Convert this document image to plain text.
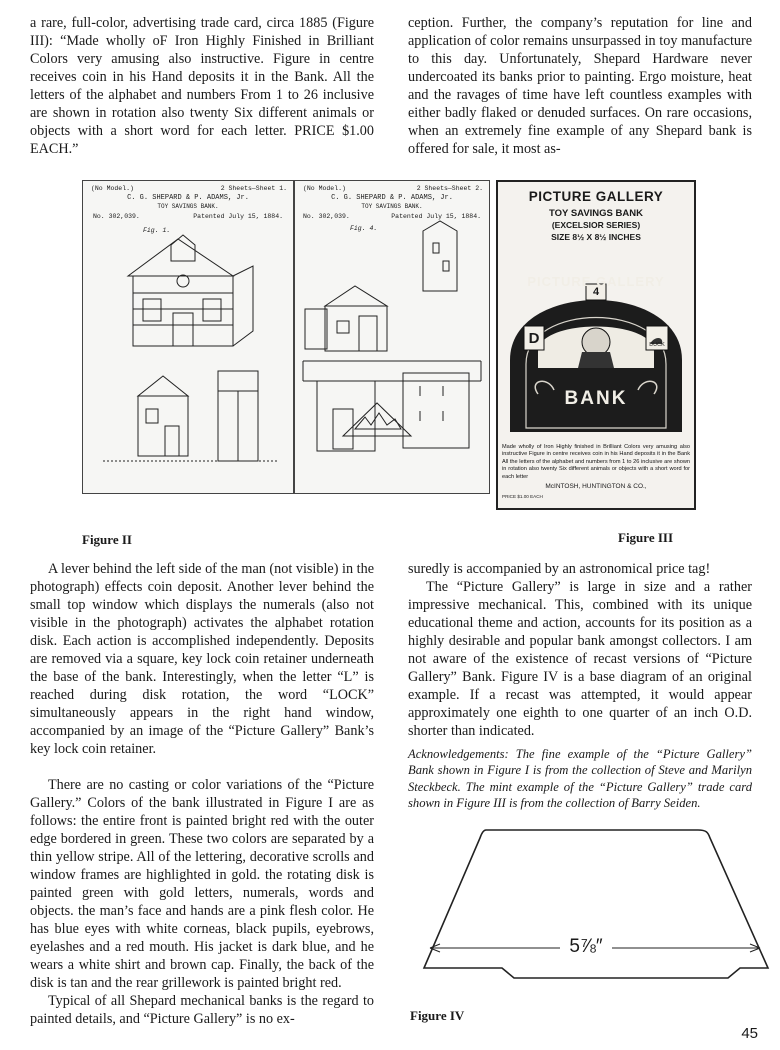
a rare, full-color, advertising trade card, circa 1885 (Figure III): “Made wholly oF Iron Highly Finished in Brilliant Colors very amusing also instructive. Figure in centre receives coin in his Hand deposits it in the Bank. All the letters of the alphabet and numbers From 1 to 26 inclusive are shown in rotation also twenty Six different animals or objects with a short word for each letter. PRICE $1.00 EACH.”

ception. Further, the company’s reputation for line and application of color remains unsurpassed in toy manufacture to this day. Unfortunately, Shepard Hardware never undercoated its banks prior to painting. Ergo moisture, heat and the ravages of time have left countless examples with either badly flaked or denuded surfaces. On rare occasions, when an extremely fine example of any Shepard bank is offered for sale, it most as-

(No Model.)	2 Sheets—Sheet 1.
C. G. SHEPARD & P. ADAMS, Jr.
TOY SAVINGS BANK.
No. 302,039.	Patented July 15, 1884.
Fig. 1.
(No Model.)	2 Sheets—Sheet 2.
C. G. SHEPARD & P. ADAMS, Jr.
TOY SAVINGS BANK.
No. 302,039.	Patented July 15, 1884.
Fig. 4.
PICTURE GALLERY
TOY SAVINGS BANK
(EXCELSIOR SERIES)
SIZE 8½ X 8½ INCHES
PICTURE GALLERY
4
D	DUCK
BANK
Made wholly of Iron Highly finished in Brilliant Colors very amusing also instructive Figure in centre receives coin in his Hand deposits it in the Bank All the letters of the alphabet and numbers from 1 to 26 inclusive are shown in rotation also twenty Six different animals or objects with a short word for each letter
McINTOSH, HUNTINGTON & CO.,
PRICE $1.00 EACH
Figure II	Figure III

A lever behind the left side of the man (not visible) in the photograph) effects coin deposit. Another lever behind the small top window which displays the numerals (also not visible in the photograph) activates the alphabet rotation disk. Each action is accomplished independently. Deposits are removed via a square, key lock coin retainer underneath the base of the bank. Interestingly, when the letter “L” is reached during disk rotation, the word “LOCK” simultaneously appears in the right hand window, accompanied by an image of the “Picture Gallery” Bank’s key lock coin retainer.

There are no casting or color variations of the “Picture Gallery.” Colors of the bank illustrated in Figure I are as follows: the entire front is painted bright red with the outer edge bordered in green. These two colors are separated by a thin yellow stripe. All of the lettering, decorative scrolls and window frames are highlighted in gold. the rotating disk is painted green with gold letters, numerals, words and objects. the man’s face and hands are a pink flesh color. He has blue eyes with white corneas, black pupils, eyebrows, eyelashes and a red mouth. His jacket is dark blue, and he wears a white shirt and brown cap. Finally, the back of the disk is tan and the rear grillework is painted bright red.

Typical of all Shepard mechanical banks is the regard to painted details, and “Picture Gallery” is no ex-

suredly is accompanied by an astronomical price tag!

The “Picture Gallery” is large in size and a rather impressive mechanical. This, combined with its unique educational theme and action, accounts for its position as a highly desirable and popular bank amongst collectors. I am not aware of the existence of recast versions of “Picture Gallery” Bank. Figure IV is a base diagram of an original example. If a recast was attempted, it would appear approximately one eighth to one quarter of an inch O.D. shorter than indicated.

Acknowledgements: The fine example of the “Picture Gallery” Bank shown in Figure I is from the collection of Steve and Marilyn Steckbeck. The mint example of the “Picture Gallery” trade card shown in Figure III is from the collection of Barry Seiden.

5⅞″
Figure IV
45
